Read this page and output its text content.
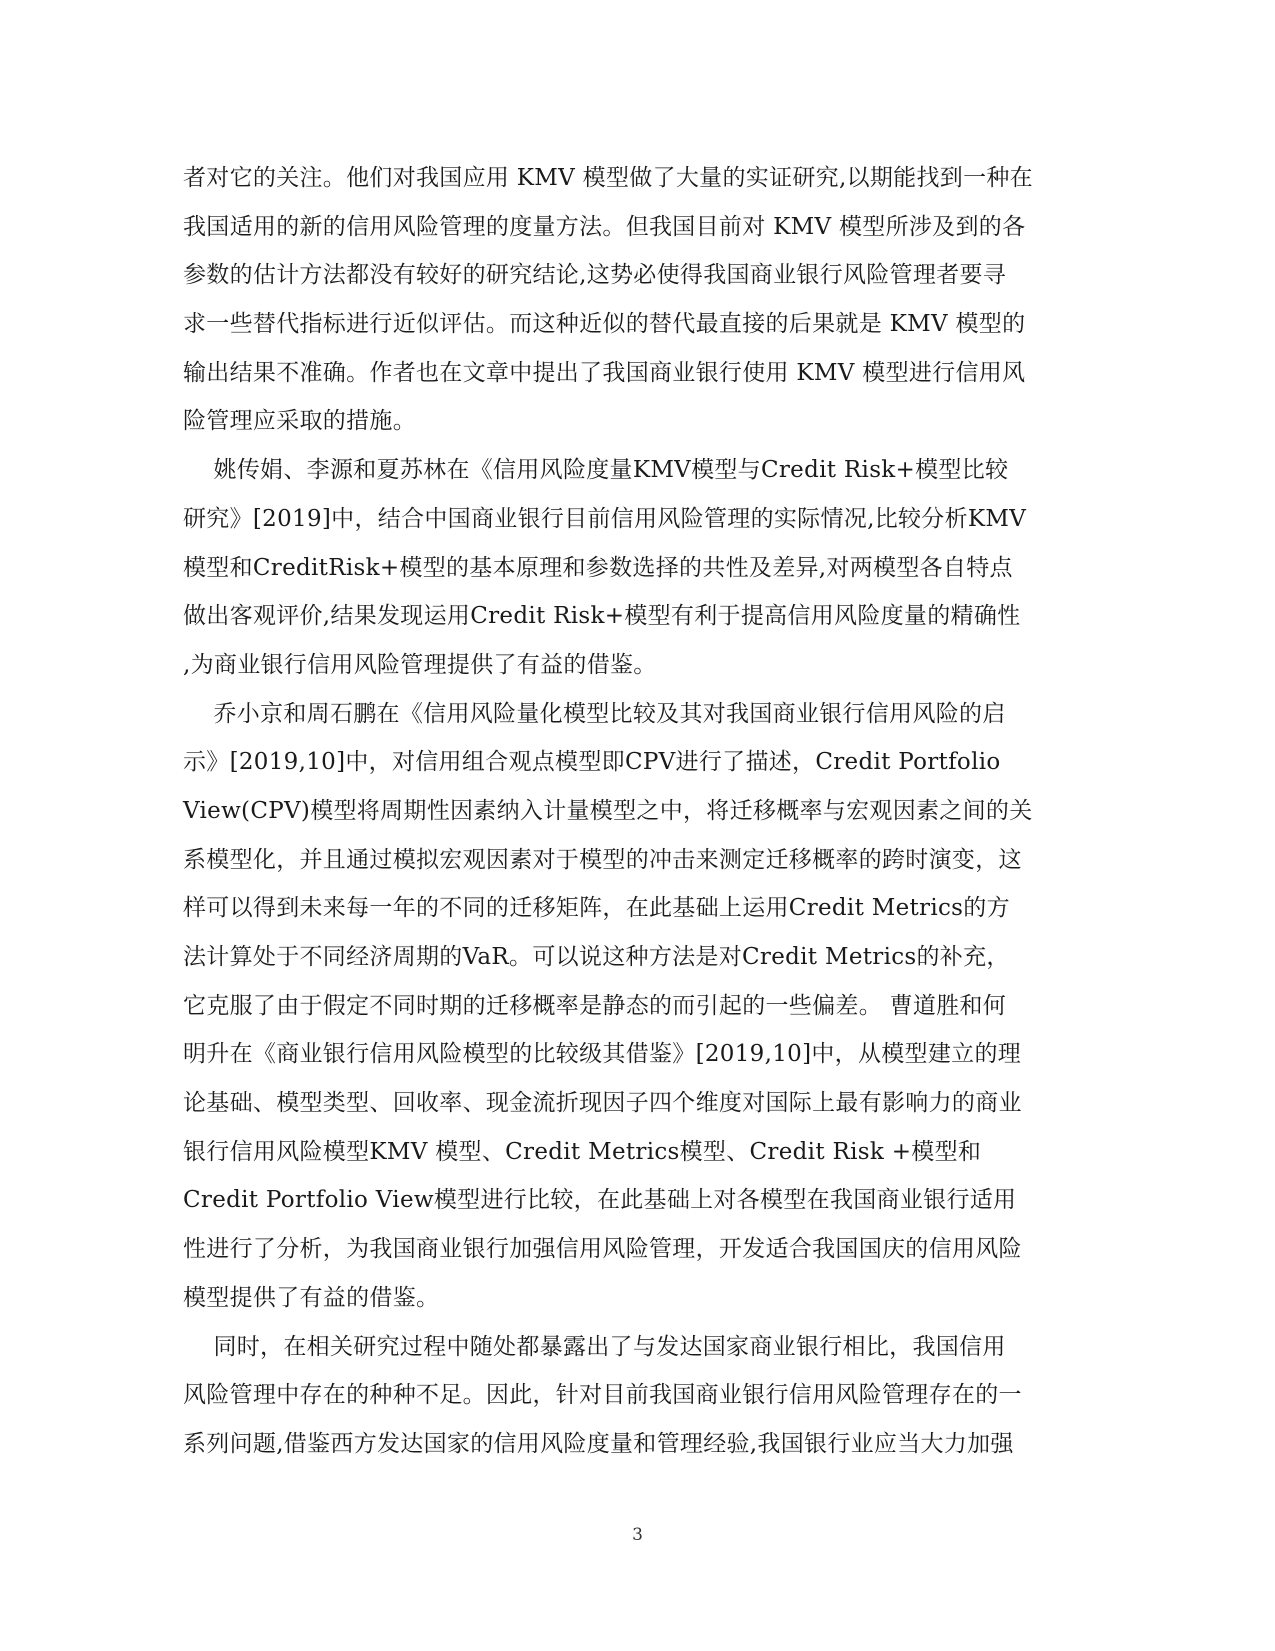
者对它的关注。他们对我国应用 KMV 模型做了大量的实证研究,以期能找到一种在
我国适用的新的信用风险管理的度量方法。但我国目前对 KMV 模型所涉及到的各
参数的估计方法都没有较好的研究结论,这势必使得我国商业银行风险管理者要寻
求一些替代指标进行近似评估。而这种近似的替代最直接的后果就是 KMV 模型的
输出结果不准确。作者也在文章中提出了我国商业银行使用 KMV 模型进行信用风
险管理应采取的措施。
姚传娟、李源和夏苏林在《信用风险度量KMV模型与Credit Risk+模型比较
研究》[2019]中，结合中国商业银行目前信用风险管理的实际情况,比较分析KMV
模型和CreditRisk+模型的基本原理和参数选择的共性及差异,对两模型各自特点
做出客观评价,结果发现运用Credit Risk+模型有利于提高信用风险度量的精确性
,为商业银行信用风险管理提供了有益的借鉴。
乔小京和周石鹏在《信用风险量化模型比较及其对我国商业银行信用风险的启
示》[2019,10]中，对信用组合观点模型即CPV进行了描述，Credit Portfolio
View(CPV)模型将周期性因素纳入计量模型之中，将迁移概率与宏观因素之间的关
系模型化，并且通过模拟宏观因素对于模型的冲击来测定迁移概率的跨时演变，这
样可以得到未来每一年的不同的迁移矩阵，在此基础上运用Credit Metrics的方
法计算处于不同经济周期的VaR。可以说这种方法是对Credit Metrics的补充，
它克服了由于假定不同时期的迁移概率是静态的而引起的一些偏差。 曹道胜和何
明升在《商业银行信用风险模型的比较级其借鉴》[2019,10]中，从模型建立的理
论基础、模型类型、回收率、现金流折现因子四个维度对国际上最有影响力的商业
银行信用风险模型KMV 模型、Credit Metrics模型、Credit Risk +模型和
Credit Portfolio View模型进行比较，在此基础上对各模型在我国商业银行适用
性进行了分析，为我国商业银行加强信用风险管理，开发适合我国国庆的信用风险
模型提供了有益的借鉴。
同时，在相关研究过程中随处都暴露出了与发达国家商业银行相比，我国信用
风险管理中存在的种种不足。因此，针对目前我国商业银行信用风险管理存在的一
系列问题,借鉴西方发达国家的信用风险度量和管理经验,我国银行业应当大力加强
3
